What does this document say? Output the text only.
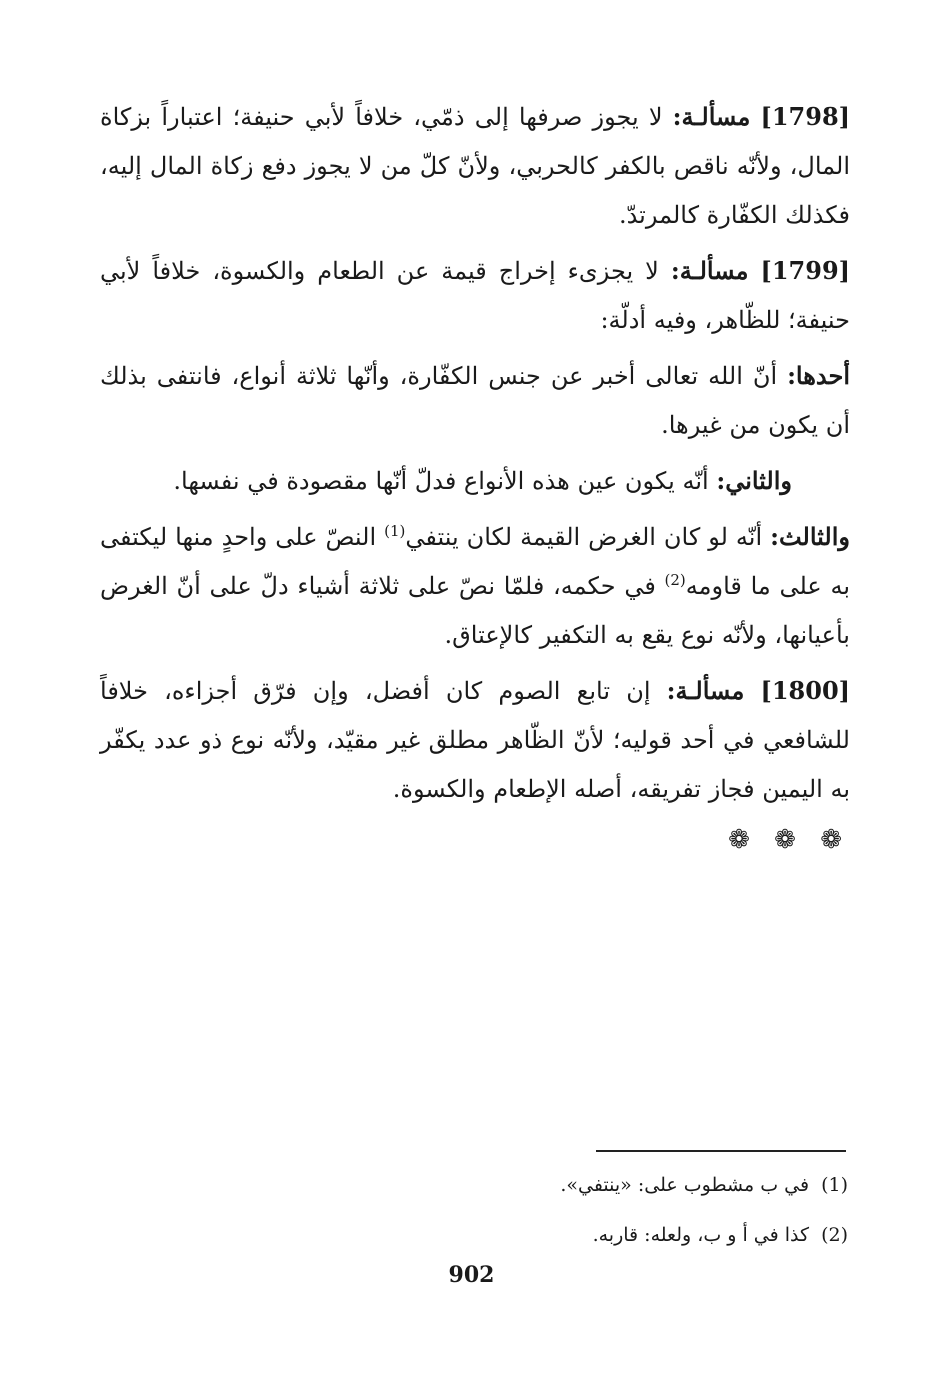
[1798] مسألـة: لا يجوز صرفها إلى ذمّي، خلافاً لأبي حنيفة؛ اعتباراً بزكاة المال، ولأنّه ناقص بالكفر كالحربي، ولأنّ كلّ من لا يجوز دفع زكاة المال إليه، فكذلك الكفّارة كالمرتدّ.

[1799] مسألـة: لا يجزىء إخراج قيمة عن الطعام والكسوة، خلافاً لأبي حنيفة؛ للظّاهر، وفيه أدلّة:

أحدها: أنّ الله تعالى أخبر عن جنس الكفّارة، وأنّها ثلاثة أنواع، فانتفى بذلك أن يكون من غيرها.

والثاني: أنّه يكون عين هذه الأنواع فدلّ أنّها مقصودة في نفسها.

والثالث: أنّه لو كان الغرض القيمة لكان ينتفي$^{(1)}$ النصّ على واحدٍ منها ليكتفى به على ما قاومه$^{(2)}$ في حكمه، فلمّا نصّ على ثلاثة أشياء دلّ على أنّ الغرض بأعيانها، ولأنّه نوع يقع به التكفير كالإعتاق.

[1800] مسألـة: إن تابع الصوم كان أفضل، وإن فرّق أجزاءه، خلافاً للشافعي في أحد قوليه؛ لأنّ الظّاهر مطلق غير مقيّد، ولأنّه نوع ذو عدد يكفّر به اليمين فجاز تفريقه، أصله الإطعام والكسوة.

❁ ❁ ❁

(1)في ب مشطوب على: «ينتفي».

(2)كذا في أ و ب، ولعله: قاربه.

902
